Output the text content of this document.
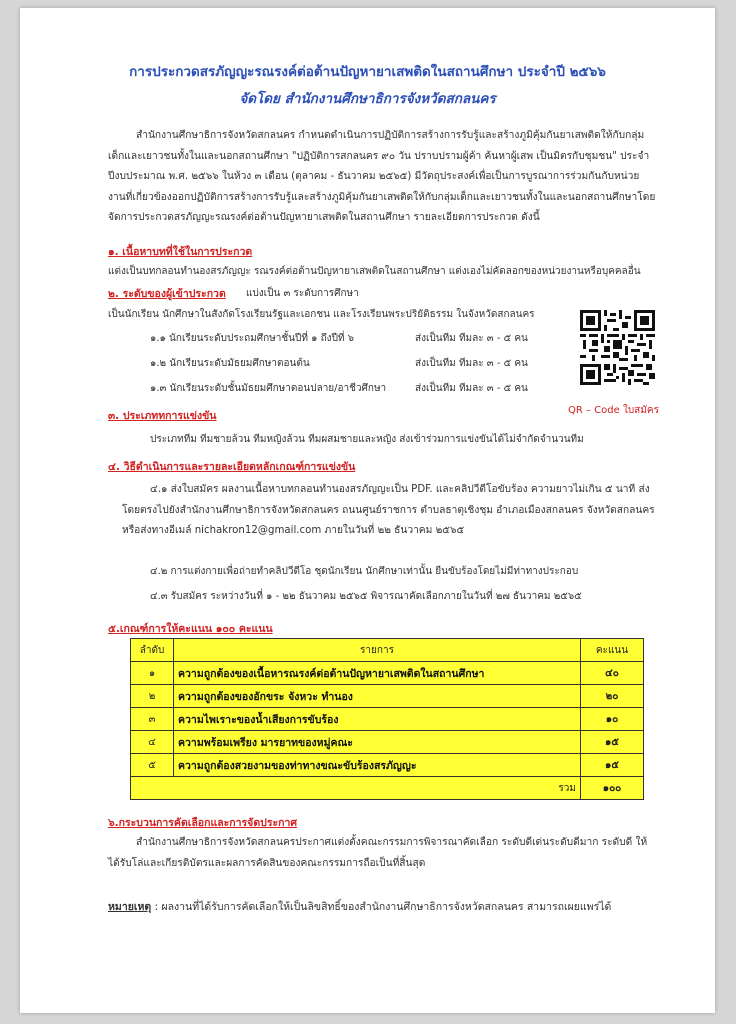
การประกวดสรภัญญะรณรงค์ต่อต้านปัญหายาเสพติดในสถานศึกษา ประจำปี ๒๕๖๖
จัดโดย สำนักงานศึกษาธิการจังหวัดสกลนคร

สำนักงานศึกษาธิการจังหวัดสกลนคร กำหนดดำเนินการปฏิบัติการสร้างการรับรู้และสร้างภูมิคุ้มกันยาเสพติดให้กับกลุ่มเด็กและเยาวชนทั้งในและนอกสถานศึกษา "ปฏิบัติการสกลนคร ๙๐ วัน ปราบปรามผู้ค้า ค้นหาผู้เสพ เป็นมิตรกับชุมชน" ประจำปีงบประมาณ พ.ศ. ๒๕๖๖ ในห้วง ๓ เดือน (ตุลาคม - ธันวาคม ๒๕๖๕) มีวัตถุประสงค์เพื่อเป็นการบูรณาการร่วมกันกับหน่วยงานที่เกี่ยวข้องออกปฏิบัติการสร้างการรับรู้และสร้างภูมิคุ้มกันยาเสพติดให้กับกลุ่มเด็กและเยาวชนทั้งในและนอกสถานศึกษาโดยจัดการประกวดสรภัญญะรณรงค์ต่อต้านปัญหายาเสพติดในสถานศึกษา รายละเอียดการประกวด ดังนี้

๑. เนื้อหาบทที่ใช้ในการประกวด
แต่งเป็นบทกลอนทำนองสรภัญญะ รณรงค์ต่อต้านปัญหายาเสพติดในสถานศึกษา แต่งเองไม่คัดลอกของหน่วยงานหรือบุคคลอื่น
๒. ระดับของผู้เข้าประกวด แบ่งเป็น ๓ ระดับการศึกษา
เป็นนักเรียน นักศึกษาในสังกัดโรงเรียนรัฐและเอกชน และโรงเรียนพระปริยัติธรรม ในจังหวัดสกลนคร
๑.๑ นักเรียนระดับประถมศึกษาชั้นปีที่ ๑ ถึงปีที่ ๖	ส่งเป็นทีม ทีมละ ๓ - ๕ คน
๑.๒ นักเรียนระดับมัธยมศึกษาตอนต้น	ส่งเป็นทีม ทีมละ ๓ - ๕ คน
๑.๓ นักเรียนระดับชั้นมัธยมศึกษาตอนปลาย/อาชีวศึกษา	ส่งเป็นทีม ทีมละ ๓ - ๕ คน
QR – Code ใบสมัคร
๓. ประเภททการแข่งขัน
ประเภททีม ทีมชายล้วน ทีมหญิงล้วน ทีมผสมชายและหญิง ส่งเข้าร่วมการแข่งขันได้ไม่จำกัดจำนวนทีม
๔. วิธีดำเนินการและรายละเอียดหลักเกณฑ์การแข่งขัน

๔.๑ ส่งใบสมัคร ผลงานเนื้อหาบทกลอนทำนองสรภัญญะเป็น PDF. และคลิปวีดีโอขับร้อง ความยาวไม่เกิน ๕ นาที ส่งโดยตรงไปยังสำนักงานศึกษาธิการจังหวัดสกลนคร ถนนศูนย์ราชการ ตำบลธาตุเชิงชุม อำเภอเมืองสกลนคร จังหวัดสกลนคร หรือส่งทางอีเมล์ nichakron12@gmail.com ภายในวันที่ ๒๒ ธันวาคม ๒๕๖๕

๔.๒ การแต่งกายเพื่อถ่ายทำคลิปวีดีโอ ชุดนักเรียน นักศึกษาเท่านั้น ยืนขับร้องโดยไม่มีท่าทางประกอบ
๔.๓ รับสมัคร ระหว่างวันที่ ๑ - ๒๒ ธันวาคม ๒๕๖๕ พิจารณาคัดเลือกภายในวันที่ ๒๗ ธันวาคม ๒๕๖๕
๕.เกณฑ์การให้คะแนน ๑๐๐ คะแนน
ลำดับ	รายการ	คะแนน
๑	ความถูกต้องของเนื้อหารณรงค์ต่อต้านปัญหายาเสพติดในสถานศึกษา	๔๐
๒	ความถูกต้องของอักขระ จังหวะ ทำนอง	๒๐
๓	ความไพเราะของน้ำเสียงการขับร้อง	๑๐
๔	ความพร้อมเพรียง มารยาทของหมู่คณะ	๑๕
๕	ความถูกต้องสวยงามของท่าทางขณะขับร้องสรภัญญะ	๑๕
	รวม	๑๐๐
๖.กระบวนการคัดเลือกและการจัดประกาศ

สำนักงานศึกษาธิการจังหวัดสกลนครประกาศแต่งตั้งคณะกรรมการพิจารณาคัดเลือก ระดับดีเด่นระดับดีมาก ระดับดี ให้ได้รับโล่และเกียรติบัตรและผลการคัดสินของคณะกรรมการถือเป็นที่สิ้นสุด

หมายเหตุ : ผลงานที่ได้รับการคัดเลือกให้เป็นลิขสิทธิ์ของสำนักงานศึกษาธิการจังหวัดสกลนคร สามารถเผยแพร่ได้
